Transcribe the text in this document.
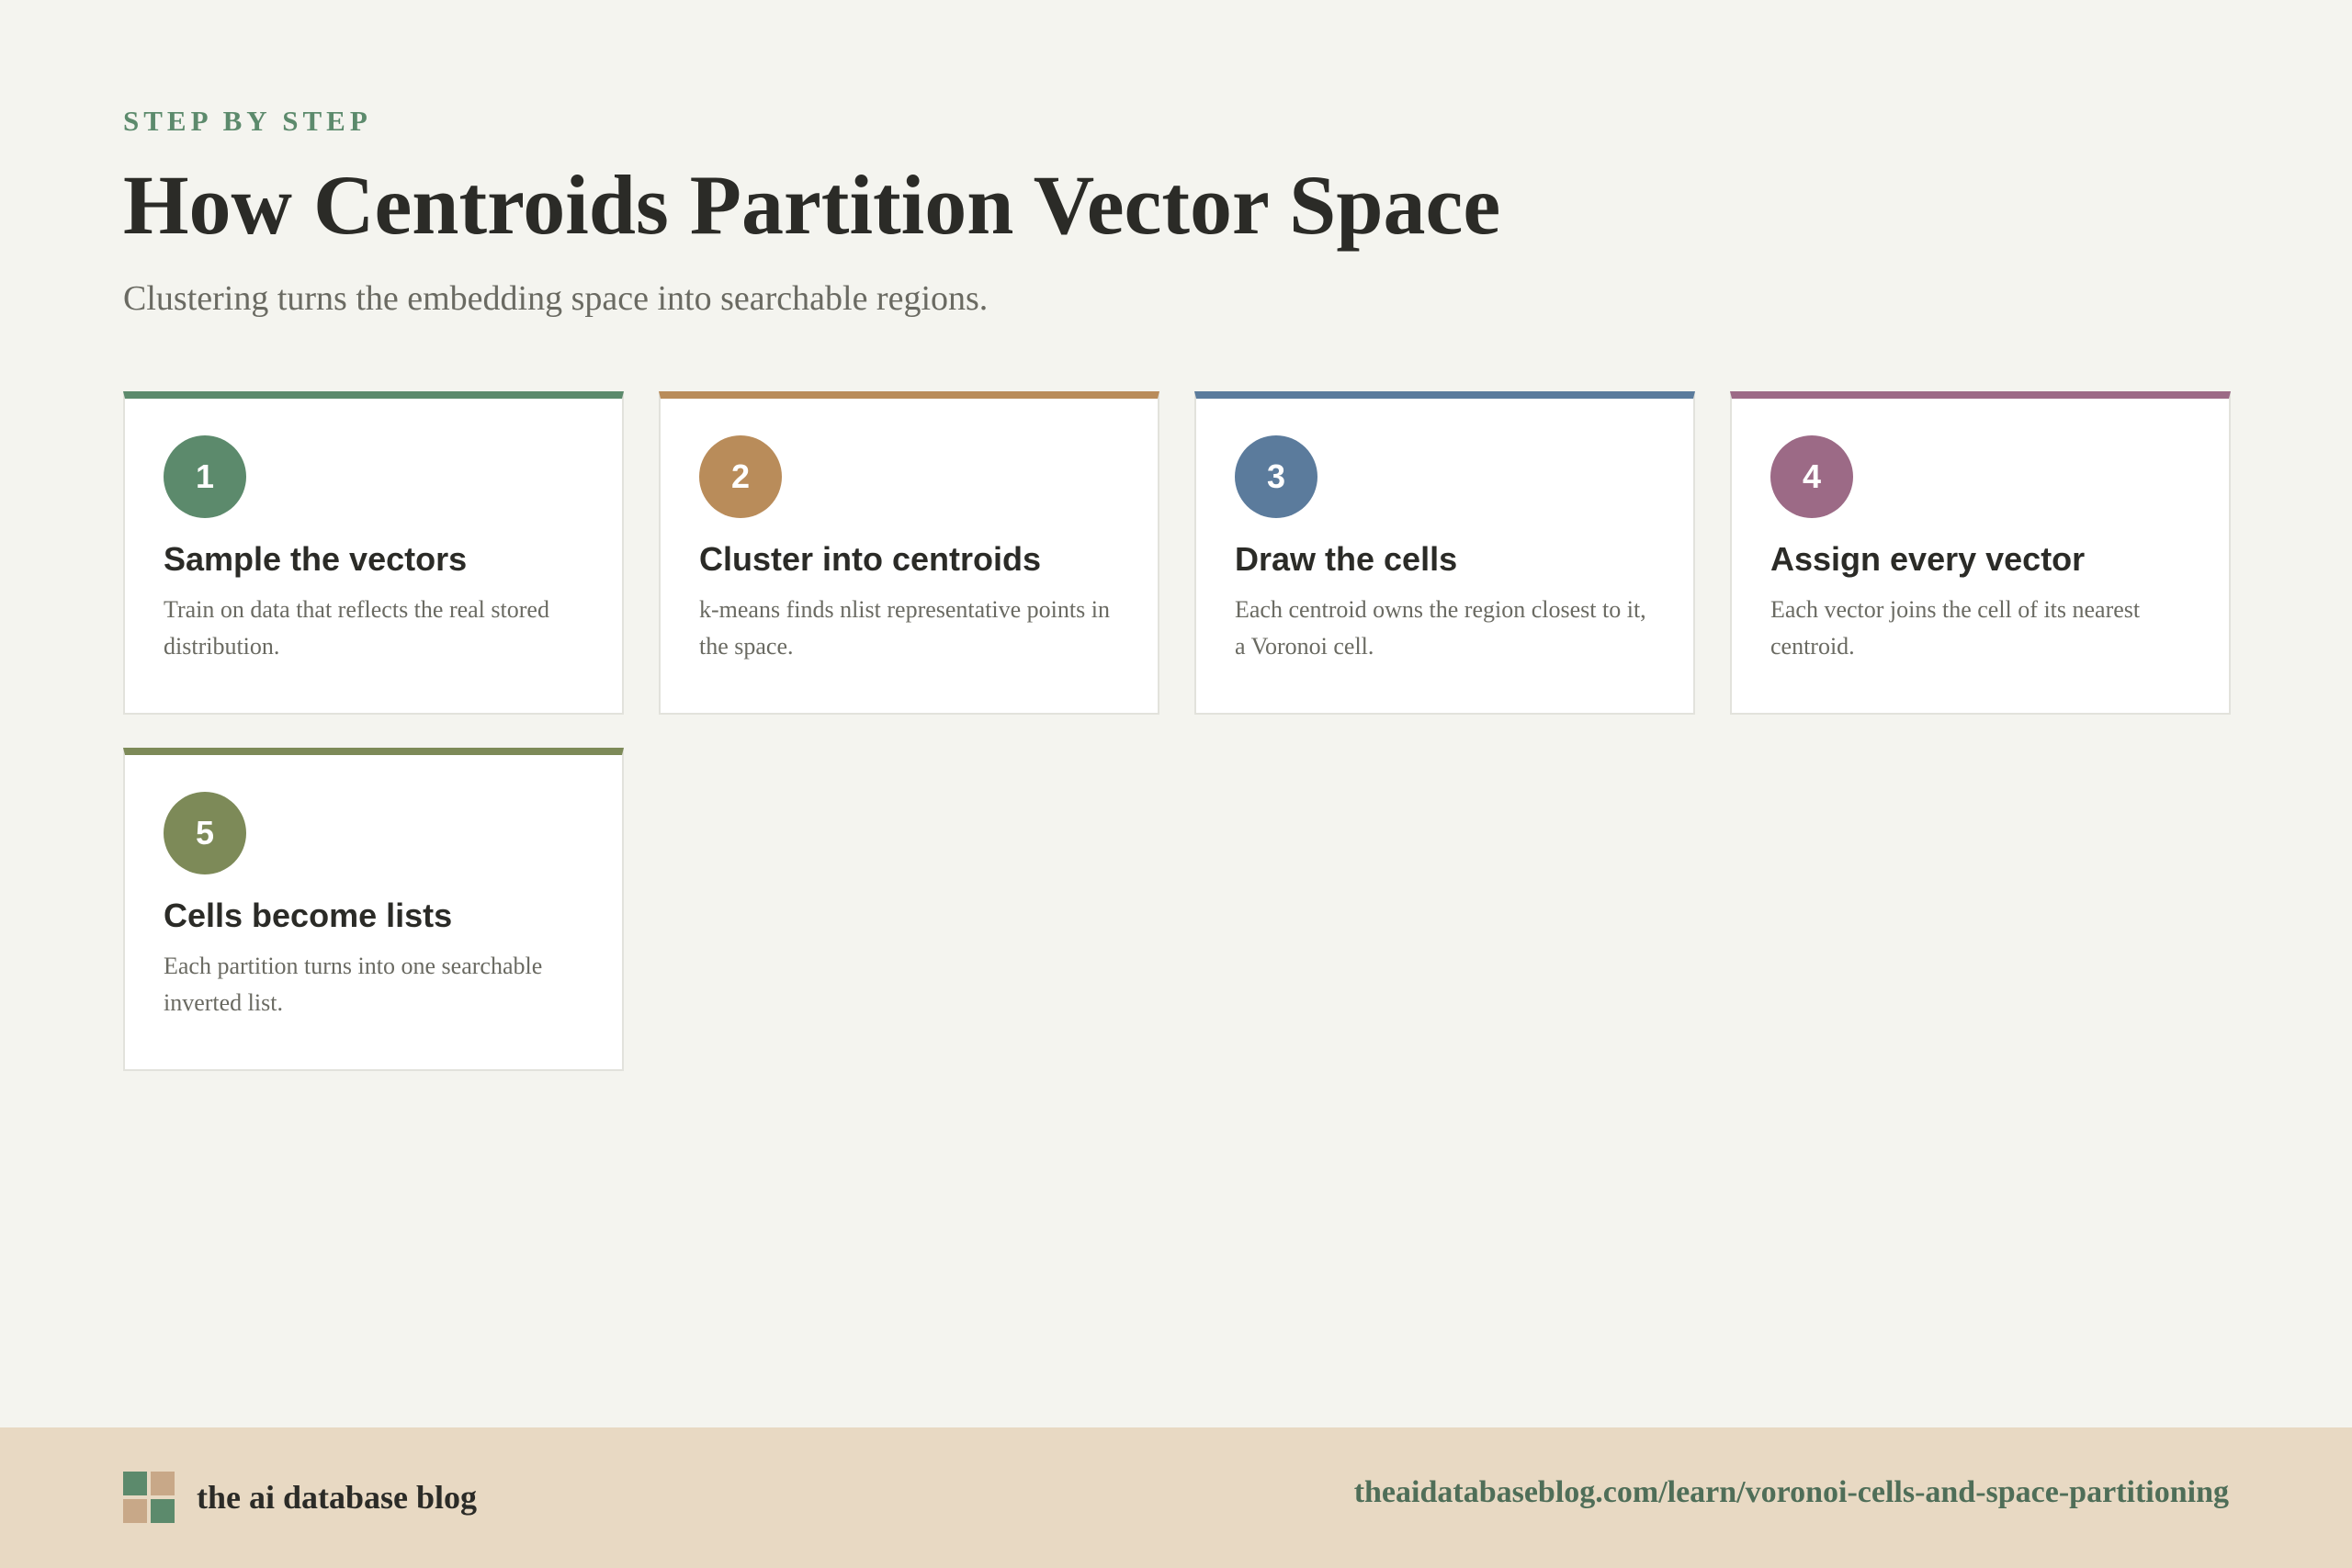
STEP BY STEP
How Centroids Partition Vector Space
Clustering turns the embedding space into searchable regions.
1
Sample the vectors
Train on data that reflects the real stored distribution.
2
Cluster into centroids
k-means finds nlist representative points in the space.
3
Draw the cells
Each centroid owns the region closest to it, a Voronoi cell.
4
Assign every vector
Each vector joins the cell of its nearest centroid.
5
Cells become lists
Each partition turns into one searchable inverted list.
the ai database blog	theaidatabaseblog.com/learn/voronoi-cells-and-space-partitioning
